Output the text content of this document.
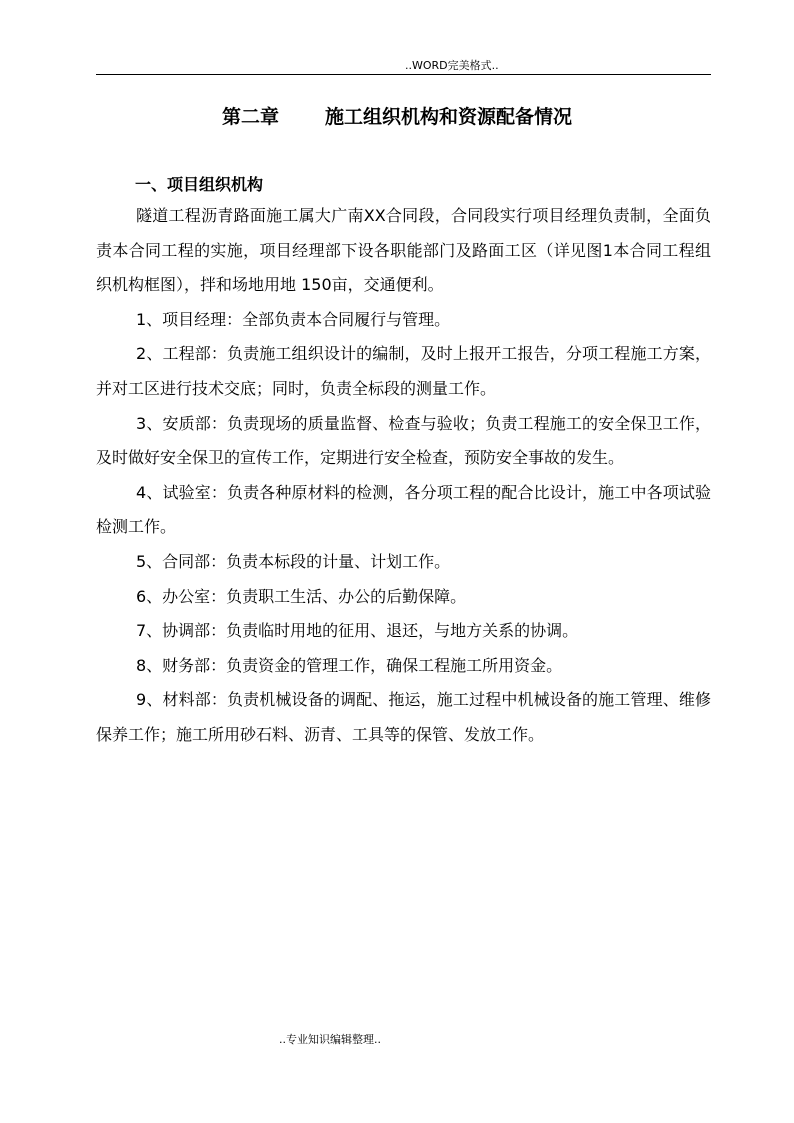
..WORD完美格式..
第二章 施工组织机构和资源配备情况
一、项目组织机构

隧道工程沥青路面施工属大广南XX合同段，合同段实行项目经理负责制，全面负责本合同工程的实施，项目经理部下设各职能部门及路面工区（详见图1本合同工程组织机构框图），拌和场地用地 150亩，交通便利。

1、项目经理：全部负责本合同履行与管理。

2、工程部：负责施工组织设计的编制，及时上报开工报告，分项工程施工方案，并对工区进行技术交底；同时，负责全标段的测量工作。

3、安质部：负责现场的质量监督、检查与验收；负责工程施工的安全保卫工作，及时做好安全保卫的宣传工作，定期进行安全检查，预防安全事故的发生。

4、试验室：负责各种原材料的检测，各分项工程的配合比设计，施工中各项试验检测工作。

5、合同部：负责本标段的计量、计划工作。

6、办公室：负责职工生活、办公的后勤保障。

7、协调部：负责临时用地的征用、退还，与地方关系的协调。

8、财务部：负责资金的管理工作，确保工程施工所用资金。

9、材料部：负责机械设备的调配、拖运，施工过程中机械设备的施工管理、维修保养工作；施工所用砂石料、沥青、工具等的保管、发放工作。

..专业知识编辑整理..
